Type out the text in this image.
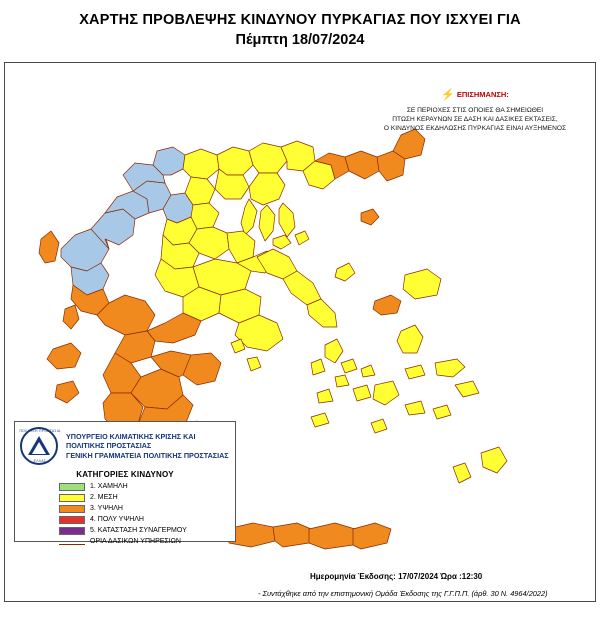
ΧΑΡΤΗΣ ΠΡΟΒΛΕΨΗΣ ΚΙΝΔΥΝΟΥ ΠΥΡΚΑΓΙΑΣ ΠΟΥ ΙΣΧΥΕΙ ΓΙΑ
Πέμπτη 18/07/2024
⚡ ΕΠΙΣΗΜΑΝΣΗ:
ΣΕ ΠΕΡΙΟΧΕΣ ΣΤΙΣ ΟΠΟΙΕΣ ΘΑ ΣΗΜΕΙΩΘΕΙ
ΠΤΩΣΗ ΚΕΡΑΥΝΩΝ ΣΕ ΔΑΣΗ ΚΑΙ ΔΑΣΙΚΕΣ ΕΚΤΑΣΕΙΣ,
Ο ΚΙΝΔΥΝΟΣ ΕΚΔΗΛΩΣΗΣ ΠΥΡΚΑΓΙΑΣ ΕΙΝΑΙ ΑΥΞΗΜΕΝΟΣ
ΠΟΛΙΤΙΚΗ ΠΡΟΣΤΑΣΙΑ
ΕΛΛΑΣ
ΥΠΟΥΡΓΕΙΟ ΚΛΙΜΑΤΙΚΗΣ ΚΡΙΣΗΣ ΚΑΙ
ΠΟΛΙΤΙΚΗΣ ΠΡΟΣΤΑΣΙΑΣ
ΓΕΝΙΚΗ ΓΡΑΜΜΑΤΕΙΑ ΠΟΛΙΤΙΚΗΣ ΠΡΟΣΤΑΣΙΑΣ
ΚΑΤΗΓΟΡΙΕΣ ΚΙΝΔΥΝΟΥ
1. ΧΑΜΗΛΗ
2. ΜΕΣΗ
3. ΥΨΗΛΗ
4. ΠΟΛΥ ΥΨΗΛΗ
5. ΚΑΤΑΣΤΑΣΗ ΣΥΝΑΓΕΡΜΟΥ
ΟΡΙΑ ΔΑΣΙΚΩΝ ΥΠΗΡΕΣΙΩΝ
Ημερομηνία Έκδοσης: 17/07/2024 Ώρα :12:30
- Συντάχθηκε από την επιστημονική Ομάδα Έκδοσης της Γ.Γ.Π.Π. (άρθ. 30 Ν. 4964/2022)
